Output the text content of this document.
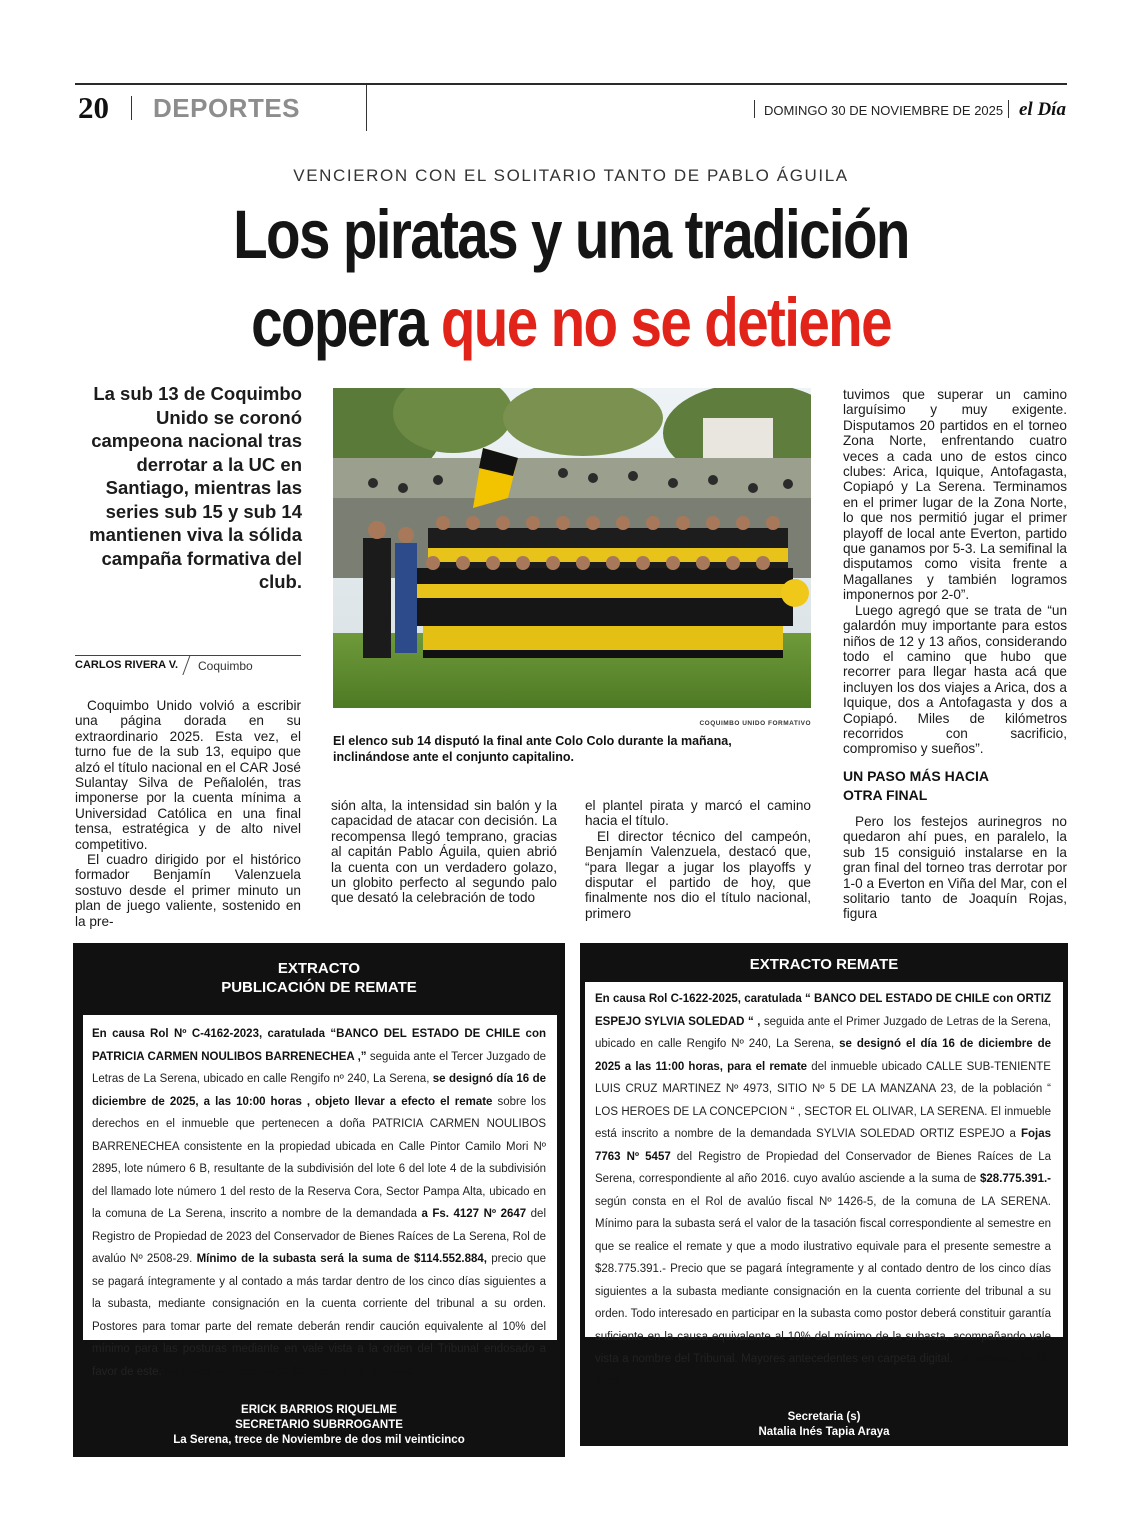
20 DEPORTES	DOMINGO 30 DE NOVIEMBRE DE 2025 el Día
VENCIERON CON EL SOLITARIO TANTO DE PABLO ÁGUILA
Los piratas y una tradición
copera que no se detiene
La sub 13 de Coquimbo Unido se coronó campeona nacional tras derrotar a la UC en Santiago, mientras las series sub 15 y sub 14 mantienen viva la sólida campaña formativa del club.
CARLOS RIVERA V. Coquimbo

Coquimbo Unido volvió a escribir una página dorada en su extraordinario 2025. Esta vez, el turno fue de la sub 13, equipo que alzó el título nacional en el CAR José Sulantay Silva de Peñalolén, tras imponerse por la cuenta mínima a Universidad Católica en una final tensa, estratégica y de alto nivel competitivo.

El cuadro dirigido por el histórico formador Benjamín Valenzuela sostuvo desde el primer minuto un plan de juego valiente, sostenido en la pre-

sión alta, la intensidad sin balón y la capacidad de atacar con decisión. La recompensa llegó temprano, gracias al capitán Pablo Águila, quien abrió la cuenta con un verdadero golazo, un globito perfecto al segundo palo que desató la celebración de todo

el plantel pirata y marcó el camino hacia el título.

El director técnico del campeón, Benjamín Valenzuela, destacó que, “para llegar a jugar los playoffs y disputar el partido de hoy, que finalmente nos dio el título nacional, primero

tuvimos que superar un camino larguísimo y muy exigente. Disputamos 20 partidos en el torneo Zona Norte, enfrentando cuatro veces a cada uno de estos cinco clubes: Arica, Iquique, Antofagasta, Copiapó y La Serena. Terminamos en el primer lugar de la Zona Norte, lo que nos permitió jugar el primer playoff de local ante Everton, partido que ganamos por 5-3. La semifinal la disputamos como visita frente a Magallanes y también logramos imponernos por 2-0”.

Luego agregó que se trata de “un galardón muy importante para estos niños de 12 y 13 años, considerando todo el camino que hubo que recorrer para llegar hasta acá que incluyen los dos viajes a Arica, dos a Iquique, dos a Antofagasta y dos a Copiapó. Miles de kilómetros recorridos con sacrificio, compromiso y sueños”.

UN PASO MÁS HACIA
OTRA FINAL

Pero los festejos aurinegros no quedaron ahí pues, en paralelo, la sub 15 consiguió instalarse en la gran final del torneo tras derrotar por 1-0 a Everton en Viña del Mar, con el solitario tanto de Joaquín Rojas, figura

COQUIMBO UNIDO FORMATIVO
El elenco sub 14 disputó la final ante Colo Colo durante la mañana, inclinándose ante el conjunto capitalino.
EXTRACTO
PUBLICACIÓN DE REMATE
En causa Rol Nº C-4162-2023, caratulada “BANCO DEL ESTADO DE CHILE con PATRICIA CARMEN NOULIBOS BARRENECHEA ,” seguida ante el Tercer Juzgado de Letras de La Serena, ubicado en calle Rengifo nº 240, La Serena, se designó día 16 de diciembre de 2025, a las 10:00 horas , objeto llevar a efecto el remate sobre los derechos en el inmueble que pertenecen a doña PATRICIA CARMEN NOULIBOS BARRENECHEA consistente en la propiedad ubicada en Calle Pintor Camilo Mori Nº 2895, lote número 6 B, resultante de la subdivisión del lote 6 del lote 4 de la subdivisión del llamado lote número 1 del resto de la Reserva Cora, Sector Pampa Alta, ubicado en la comuna de La Serena, inscrito a nombre de la demandada a Fs. 4127 Nº 2647 del Registro de Propiedad de 2023 del Conservador de Bienes Raíces de La Serena, Rol de avalúo Nº 2508-29. Mínimo de la subasta será la suma de $114.552.884, precio que se pagará íntegramente y al contado a más tardar dentro de los cinco días siguientes a la subasta, mediante consignación en la cuenta corriente del tribunal a su orden. Postores para tomar parte del remate deberán rendir caución equivalente al 10% del mínimo para las posturas mediante en vale vista a la orden del Tribunal endosado a favor de este. Mayores antecedentes Secretaría del Tribunal.
ERICK BARRIOS RIQUELME
SECRETARIO SUBRROGANTE
La Serena, trece de Noviembre de dos mil veinticinco
EXTRACTO REMATE
En causa Rol C-1622-2025, caratulada “ BANCO DEL ESTADO DE CHILE con ORTIZ ESPEJO SYLVIA SOLEDAD “ , seguida ante el Primer Juzgado de Letras de la Serena, ubicado en calle Rengifo Nº 240, La Serena, se designó el día 16 de diciembre de 2025 a las 11:00 horas, para el remate del inmueble ubicado CALLE SUB-TENIENTE LUIS CRUZ MARTINEZ Nº 4973, SITIO Nº 5 DE LA MANZANA 23, de la población “ LOS HEROES DE LA CONCEPCION “ , SECTOR EL OLIVAR, LA SERENA. El inmueble está inscrito a nombre de la demandada SYLVIA SOLEDAD ORTIZ ESPEJO a Fojas 7763 Nº 5457 del Registro de Propiedad del Conservador de Bienes Raíces de La Serena, correspondiente al año 2016. cuyo avalúo asciende a la suma de $28.775.391.- según consta en el Rol de avalúo fiscal Nº 1426-5, de la comuna de LA SERENA. Mínimo para la subasta será el valor de la tasación fiscal correspondiente al semestre en que se realice el remate y que a modo ilustrativo equivale para el presente semestre a $28.775.391.- Precio que se pagará íntegramente y al contado dentro de los cinco días siguientes a la subasta mediante consignación en la cuenta corriente del tribunal a su orden. Todo interesado en participar en la subasta como postor deberá constituir garantía suficiente en la causa equivalente al 10% del mínimo de la subasta, acompañando vale vista a nombre del Tribunal. Mayores antecedentes en carpeta digital. La Serena, 26-11-2025.
Secretaria (s)
Natalia Inés Tapia Araya
